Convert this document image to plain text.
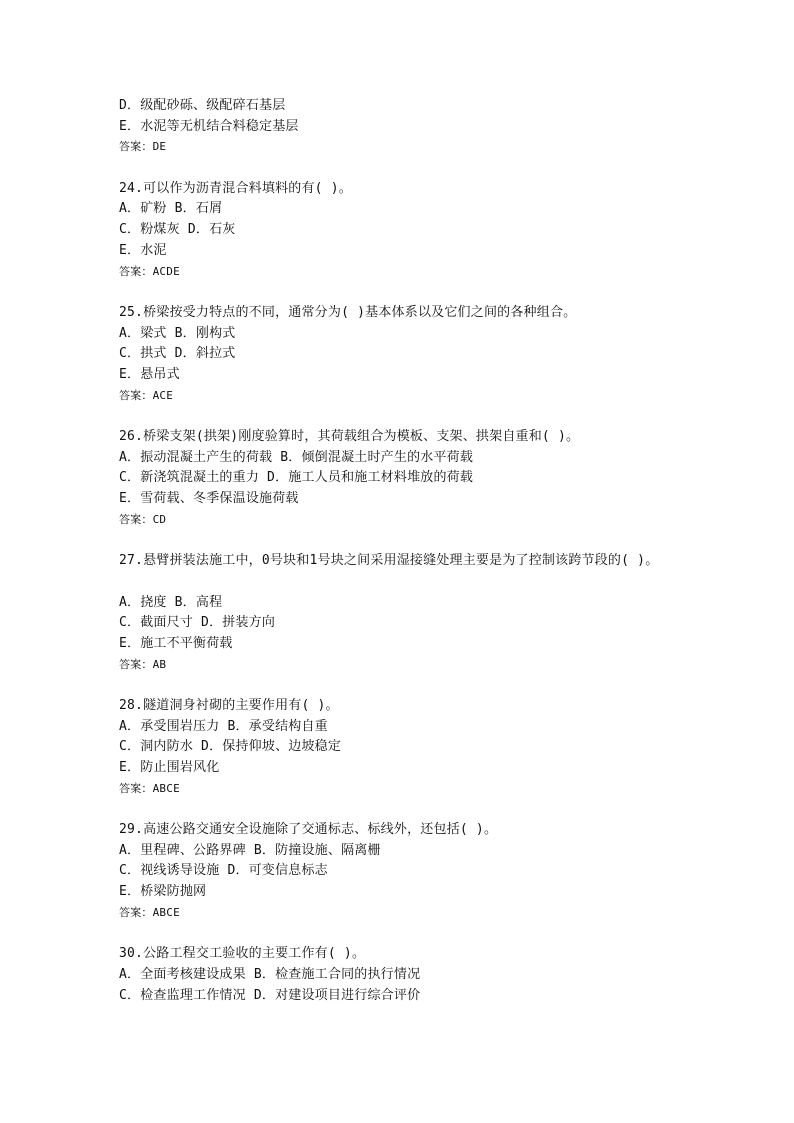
D．级配砂砾、级配碎石基层
E．水泥等无机结合料稳定基层
答案：DE
24.可以作为沥青混合料填料的有( )。
A．矿粉 B．石屑
C．粉煤灰 D．石灰
E．水泥
答案：ACDE
25.桥梁按受力特点的不同，通常分为( )基本体系以及它们之间的各种组合。
A．梁式 B．刚构式
C．拱式 D．斜拉式
E．悬吊式
答案：ACE
26.桥梁支架(拱架)刚度验算时，其荷载组合为模板、支架、拱架自重和( )。
A．振动混凝土产生的荷载 B．倾倒混凝土时产生的水平荷载
C．新浇筑混凝土的重力 D．施工人员和施工材料堆放的荷载
E．雪荷载、冬季保温设施荷载
答案：CD
27.悬臂拼装法施工中，0号块和1号块之间采用湿接缝处理主要是为了控制该跨节段的( )。
A．挠度 B．高程
C．截面尺寸 D．拼装方向
E．施工不平衡荷载
答案：AB
28.隧道洞身衬砌的主要作用有( )。
A．承受围岩压力 B．承受结构自重
C．洞内防水 D．保持仰坡、边坡稳定
E．防止围岩风化
答案：ABCE
29.高速公路交通安全设施除了交通标志、标线外，还包括( )。
A．里程碑、公路界碑 B．防撞设施、隔离栅
C．视线诱导设施 D．可变信息标志
E．桥梁防抛网
答案：ABCE
30.公路工程交工验收的主要工作有( )。
A．全面考核建设成果 B．检查施工合同的执行情况
C．检查监理工作情况 D．对建设项目进行综合评价
